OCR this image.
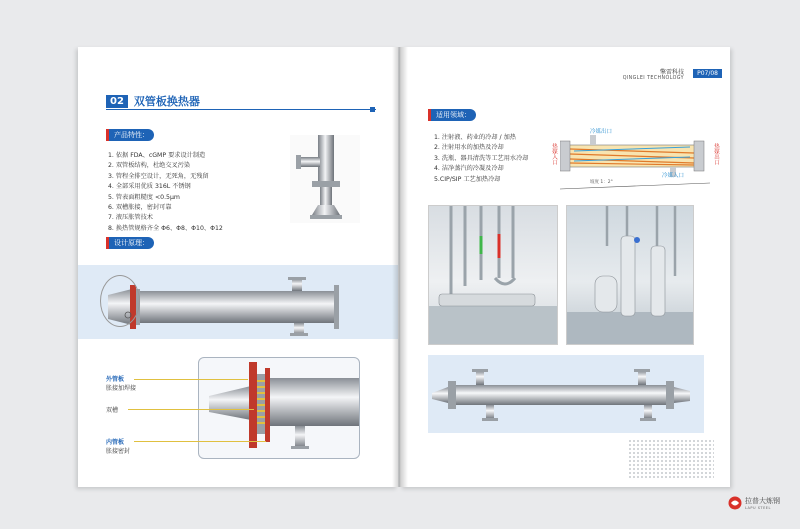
02 双管板换热器
产品特性：
1. 依据 FDA、cGMP 要求设计制造
2. 双管板结构，杜绝交叉污染
3. 管程全排空设计，无死角，无残留
4. 全部采用优质 316L 不锈钢
5. 管表面粗糙度 <0.5μm
6. 双槽胀接，密封可靠
7. 液压胀管技术
8. 换热管规格齐全 Φ6、Φ8、Φ10、Φ12
设计原理：
外管板
胀接加焊接
双槽
内管板
胀接密封
擎雷科技
QINGLEI TECHNOLOGY
P07/08
适用领域：
1. 注射液、药业的冷却 / 加热
2. 注射用水的加热及冷却
3. 洗瓶、器具清洗等工艺用水冷却
4. 洁净蒸汽的冷凝及冷却
5.CIP/SIP 工艺加热冷却
冷媒出口
冷媒入口
热媒入口	热媒出口
坡度 1：2°
拉普大炼钢
LAPU STEEL
